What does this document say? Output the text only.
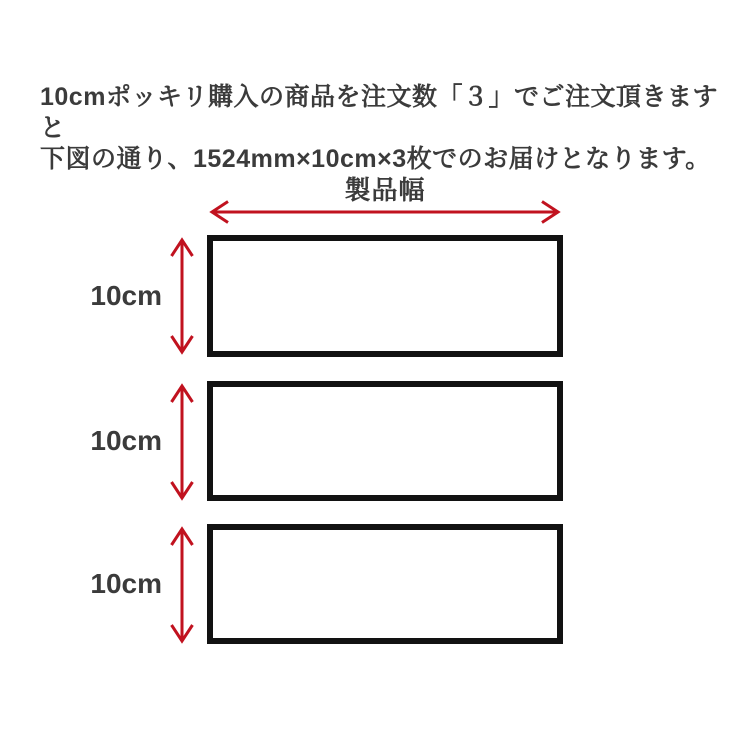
10cmポッキリ購入の商品を注文数「３」でご注文頂きますと
下図の通り、1524mm×10cm×3枚でのお届けとなります。
製品幅
10cm
10cm
10cm
